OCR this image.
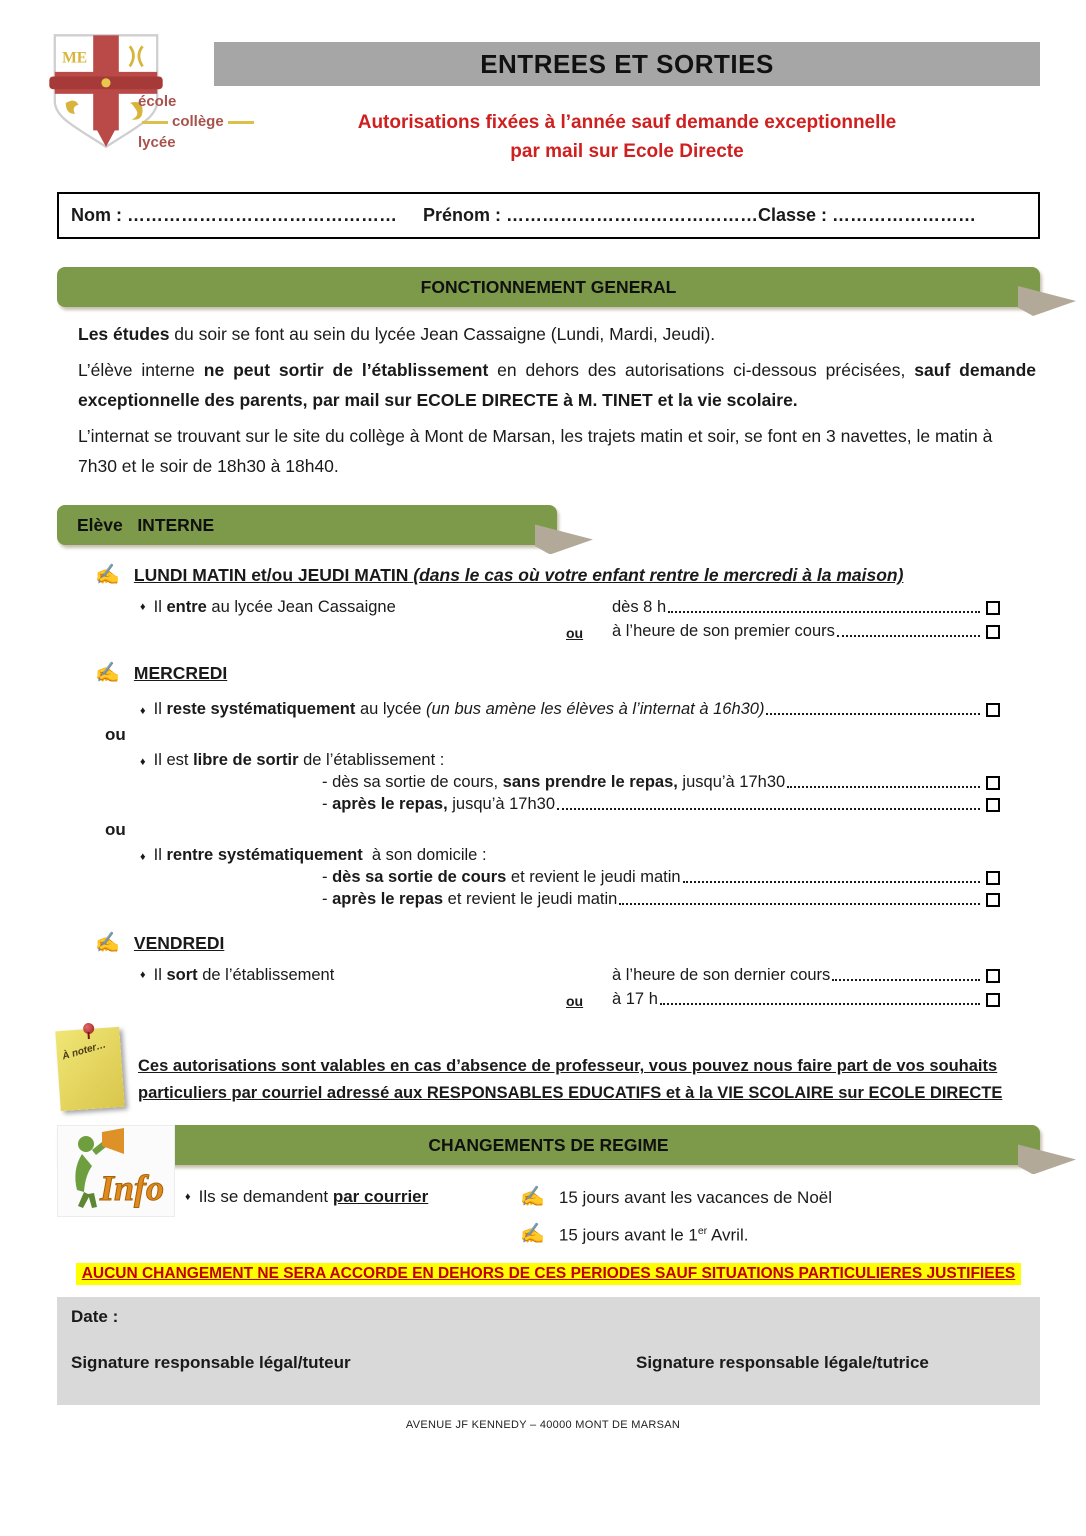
ME
école
collège
lycée
ENTREES ET SORTIES
Autorisations fixées à l’année sauf demande exceptionnelle
par mail sur Ecole Directe
Nom : ……………………………………… Prénom : ……………………………………Classe : ……………………
FONCTIONNEMENT GENERAL

Les études du soir se font au sein du lycée Jean Cassaigne (Lundi, Mardi, Jeudi).

L’élève interne ne peut sortir de l’établissement en dehors des autorisations ci-dessous précisées, sauf demande exceptionnelle des parents, par mail sur ECOLE DIRECTE à M. TINET et la vie scolaire.

L’internat se trouvant sur le site du collège à Mont de Marsan, les trajets matin et soir, se font en 3 navettes, le matin à 7h30 et le soir de 18h30 à 18h40.

Elève   INTERNE
✍ LUNDI MATIN et/ou JEUDI MATIN (dans le cas où votre enfant rentre le mercredi à la maison)
♦ Il entre au lycée Jean Cassaigne	dès 8 h
ou	à l’heure de son premier cours
✍ MERCREDI
♦ Il reste systématiquement au lycée (un bus amène les élèves à l’internat à 16h30)
ou
♦ Il est libre de sortir de l’établissement :
- dès sa sortie de cours, sans prendre le repas, jusqu’à 17h30
- après le repas, jusqu’à 17h30
ou
♦ Il rentre systématiquement  à son domicile :
- dès sa sortie de cours et revient le jeudi matin
- après le repas et revient le jeudi matin
✍ VENDREDI
♦ Il sort de l’établissement	à l’heure de son dernier cours
ou	à 17 h
À noter…
Ces autorisations sont valables en cas d’absence de professeur, vous pouvez nous faire part de vos souhaits particuliers par courriel adressé aux RESPONSABLES EDUCATIFS et à la VIE SCOLAIRE sur ECOLE DIRECTE
Info
CHANGEMENTS DE REGIME
♦ Ils se demandent par courrier	✍ 15 jours avant les vacances de Noël
✍ 15 jours avant le 1er Avril.
AUCUN CHANGEMENT NE SERA ACCORDE EN DEHORS DE CES PERIODES SAUF SITUATIONS PARTICULIERES JUSTIFIEES
Date :
Signature responsable légal/tuteur	Signature responsable légale/tutrice
AVENUE JF KENNEDY – 40000 MONT DE MARSAN
